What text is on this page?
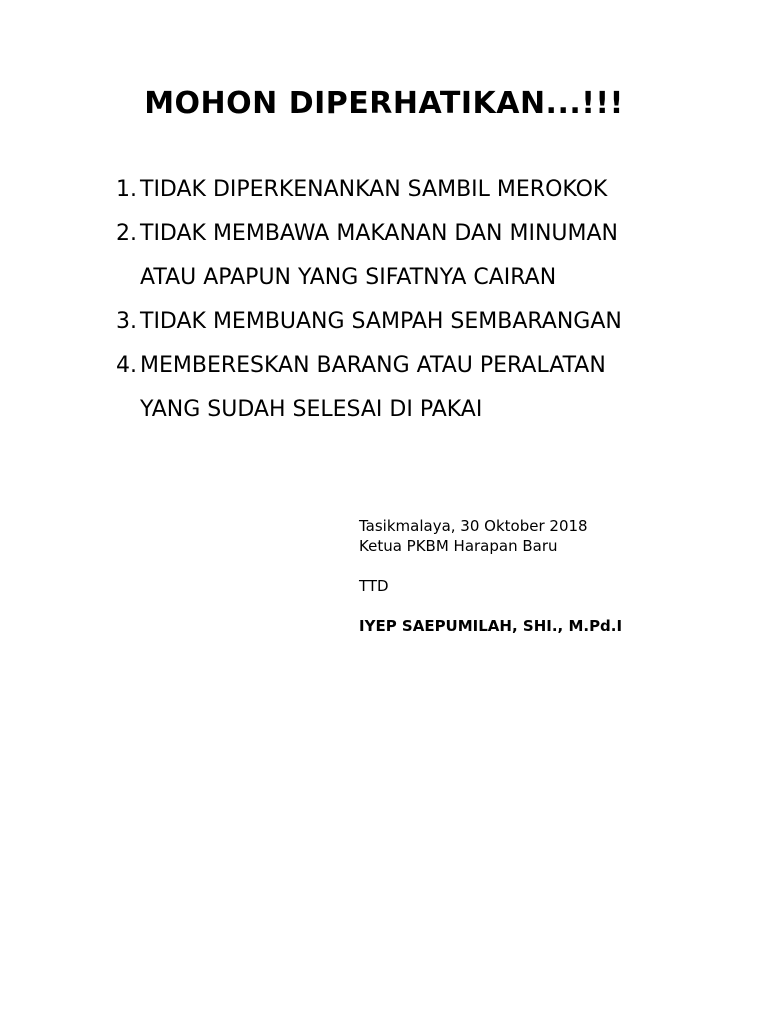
MOHON DIPERHATIKAN...!!!
1. TIDAK DIPERKENANKAN SAMBIL MEROKOK
2. TIDAK MEMBAWA MAKANAN DAN MINUMAN
ATAU APAPUN YANG SIFATNYA CAIRAN
3. TIDAK MEMBUANG SAMPAH SEMBARANGAN
4. MEMBERESKAN BARANG ATAU PERALATAN
YANG SUDAH SELESAI DI PAKAI
Tasikmalaya, 30 Oktober 2018
Ketua PKBM Harapan Baru
TTD
IYEP SAEPUMILAH, SHI., M.Pd.I
